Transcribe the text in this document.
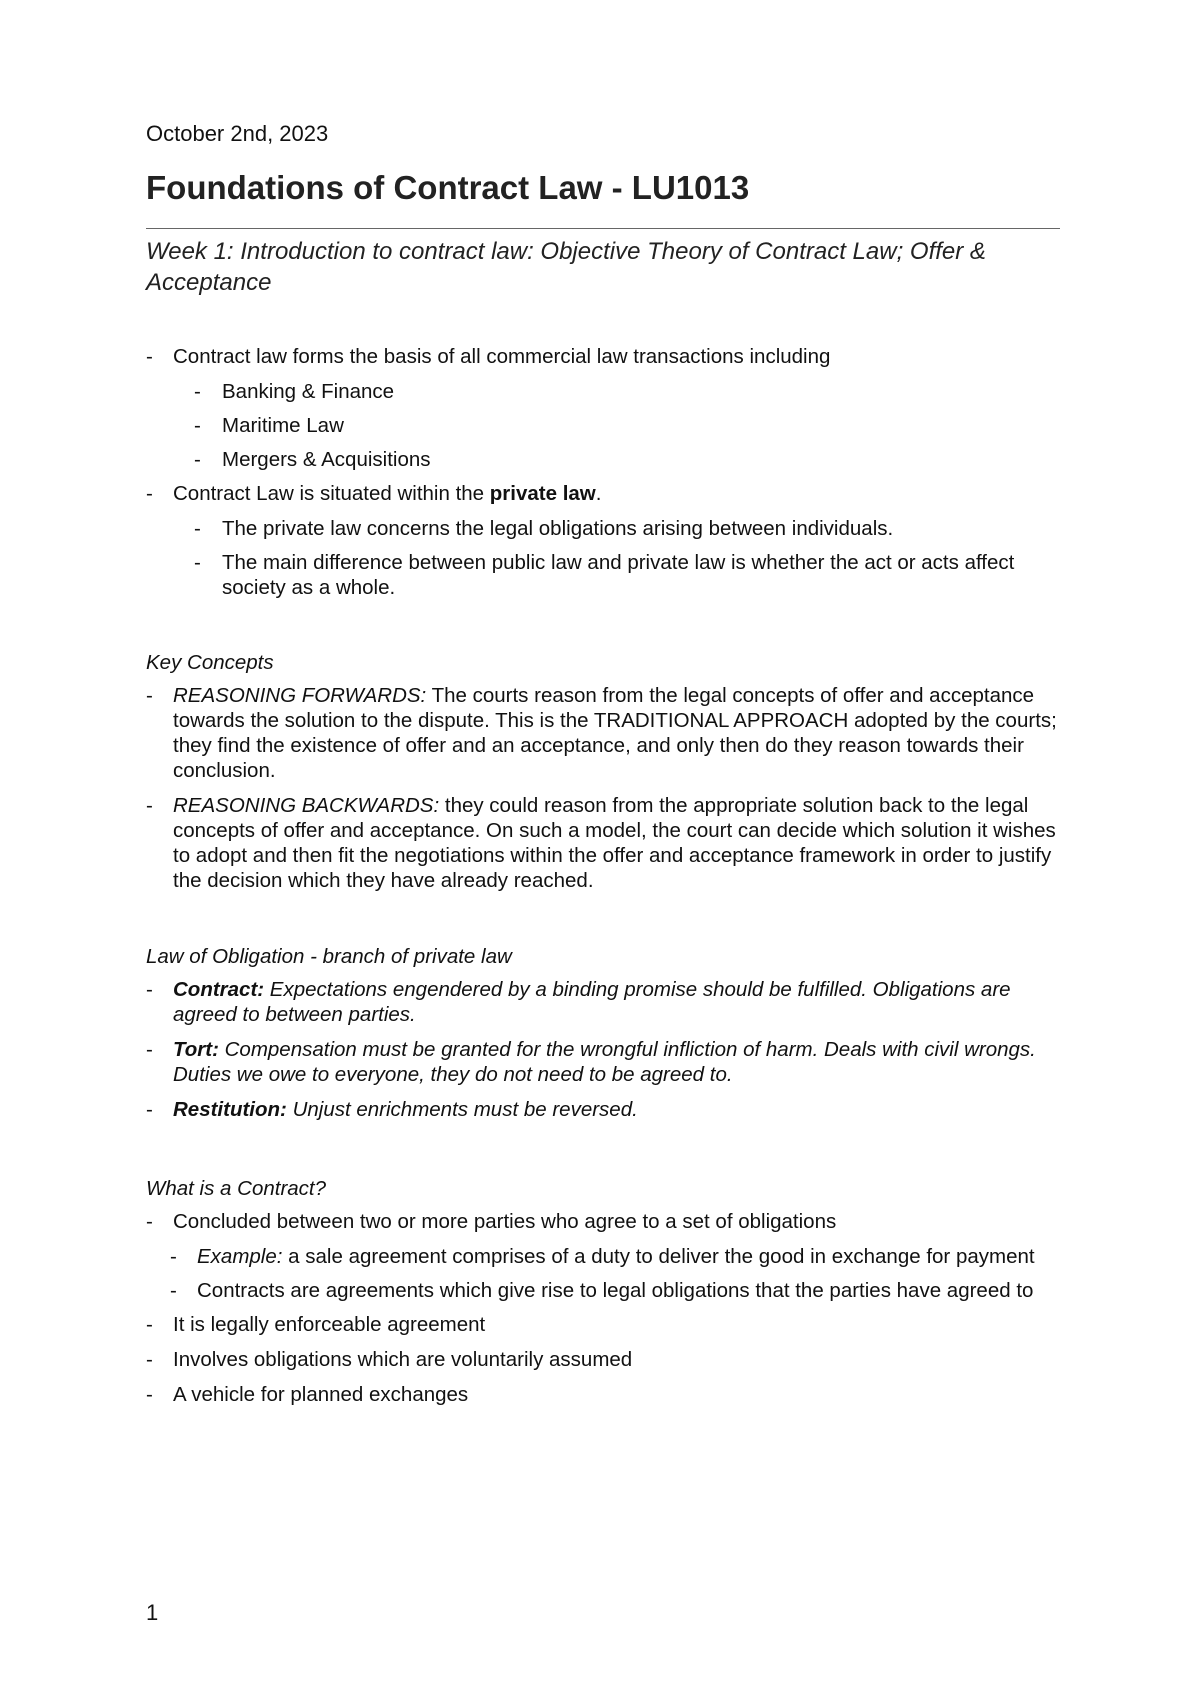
October 2nd, 2023
Foundations of Contract Law - LU1013
Week 1: Introduction to contract law: Objective Theory of Contract Law; Offer & Acceptance
- Contract law forms the basis of all commercial law transactions including
- Banking & Finance
- Maritime Law
- Mergers & Acquisitions
- Contract Law is situated within the private law.
- The private law concerns the legal obligations arising between individuals.
- The main difference between public law and private law is whether the act or acts affect society as a whole.
Key Concepts
- REASONING FORWARDS: The courts reason from the legal concepts of offer and acceptance towards the solution to the dispute. This is the TRADITIONAL APPROACH adopted by the courts; they find the existence of offer and an acceptance, and only then do they reason towards their conclusion.
- REASONING BACKWARDS: they could reason from the appropriate solution back to the legal concepts of offer and acceptance. On such a model, the court can decide which solution it wishes to adopt and then fit the negotiations within the offer and acceptance framework in order to justify the decision which they have already reached.
Law of Obligation - branch of private law
- Contract: Expectations engendered by a binding promise should be fulfilled. Obligations are agreed to between parties.
- Tort: Compensation must be granted for the wrongful infliction of harm. Deals with civil wrongs. Duties we owe to everyone, they do not need to be agreed to.
- Restitution: Unjust enrichments must be reversed.
What is a Contract?
- Concluded between two or more parties who agree to a set of obligations
- Example: a sale agreement comprises of a duty to deliver the good in exchange for payment
- Contracts are agreements which give rise to legal obligations that the parties have agreed to
- It is legally enforceable agreement
- Involves obligations which are voluntarily assumed
- A vehicle for planned exchanges
1
